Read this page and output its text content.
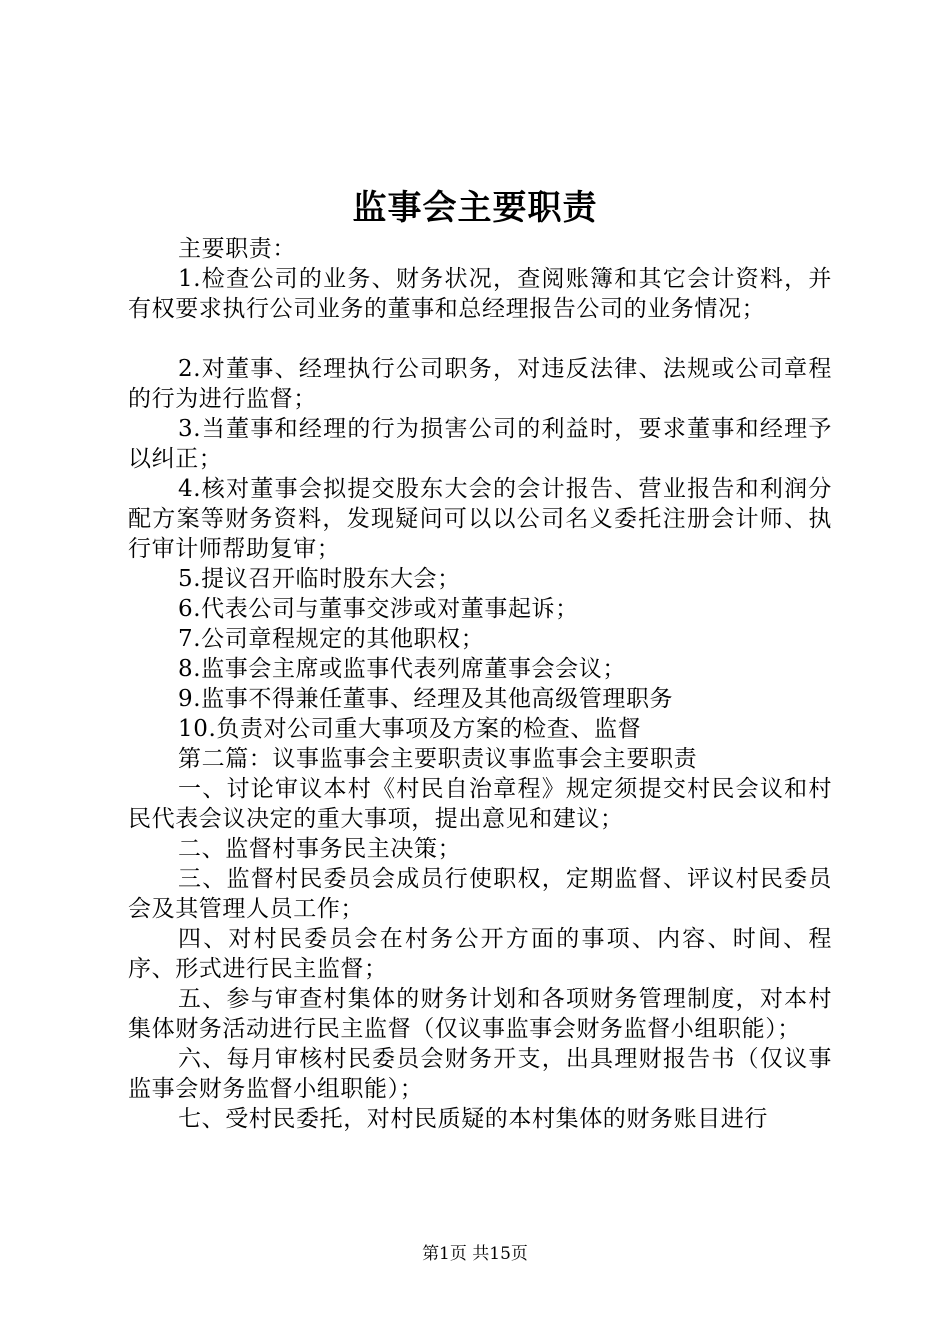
监事会主要职责

主要职责：

1.检查公司的业务、财务状况，查阅账簿和其它会计资料，并有权要求执行公司业务的董事和总经理报告公司的业务情况；

2.对董事、经理执行公司职务，对违反法律、法规或公司章程的行为进行监督；

3.当董事和经理的行为损害公司的利益时，要求董事和经理予以纠正；

4.核对董事会拟提交股东大会的会计报告、营业报告和利润分配方案等财务资料，发现疑问可以以公司名义委托注册会计师、执行审计师帮助复审；

5.提议召开临时股东大会；

6.代表公司与董事交涉或对董事起诉；

7.公司章程规定的其他职权；

8.监事会主席或监事代表列席董事会会议；

9.监事不得兼任董事、经理及其他高级管理职务

10.负责对公司重大事项及方案的检查、监督

第二篇：议事监事会主要职责议事监事会主要职责

一、讨论审议本村《村民自治章程》规定须提交村民会议和村民代表会议决定的重大事项，提出意见和建议；

二、监督村事务民主决策；

三、监督村民委员会成员行使职权，定期监督、评议村民委员会及其管理人员工作；

四、对村民委员会在村务公开方面的事项、内容、时间、程序、形式进行民主监督；

五、参与审查村集体的财务计划和各项财务管理制度，对本村集体财务活动进行民主监督（仅议事监事会财务监督小组职能）；

六、每月审核村民委员会财务开支，出具理财报告书（仅议事监事会财务监督小组职能）；

七、受村民委托，对村民质疑的本村集体的财务账目进行

第1页 共15页
